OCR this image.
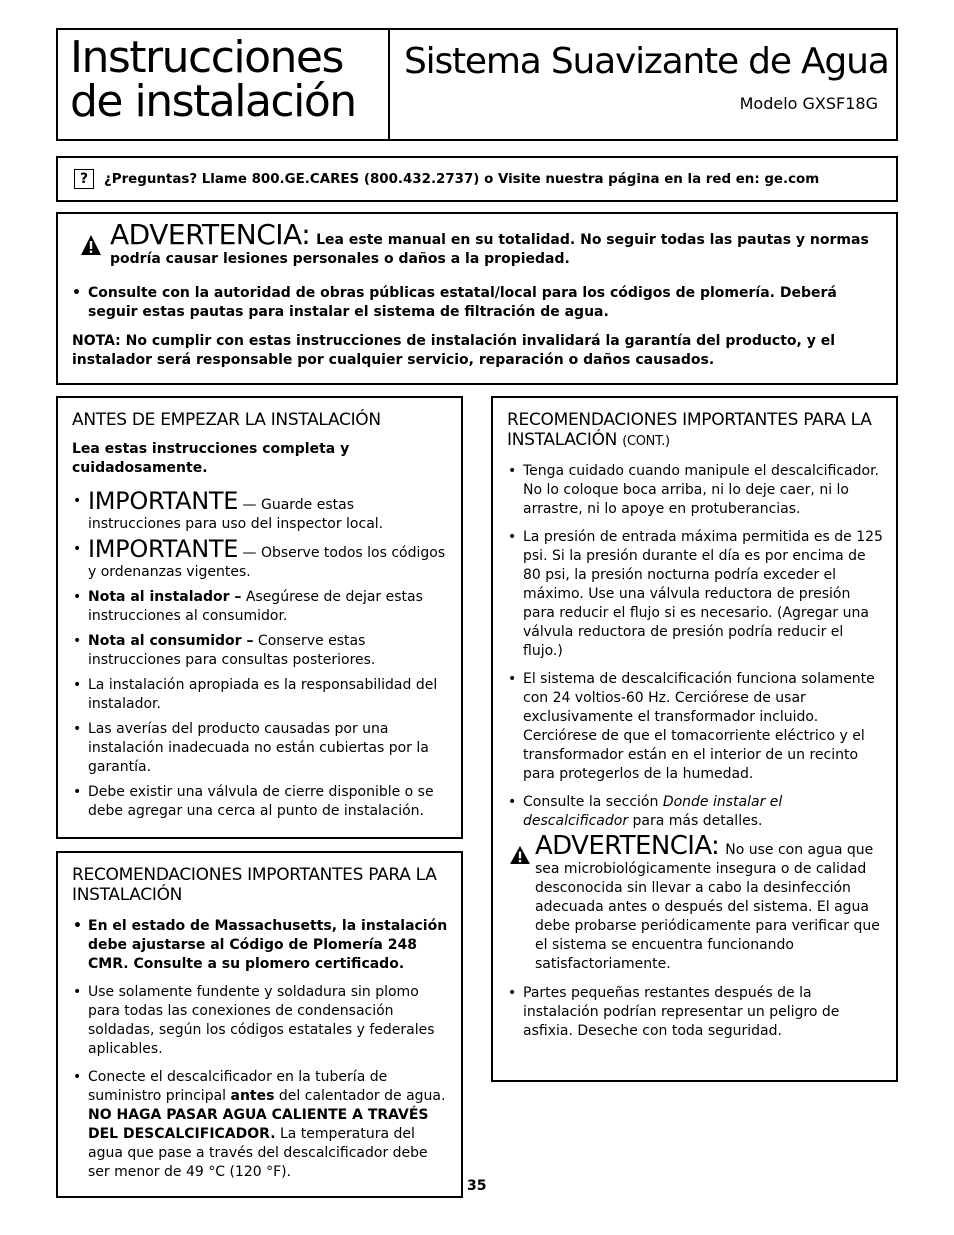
Instrucciones
de instalación
Sistema Suavizante de Agua
Modelo GXSF18G
?	¿Preguntas? Llame 800.GE.CARES (800.432.2737) o Visite nuestra página en la red en: ge.com
ADVERTENCIA: Lea este manual en su totalidad. No seguir todas las pautas y normas podría causar lesiones personales o daños a la propiedad.
• Consulte con la autoridad de obras públicas estatal/local para los códigos de plomería. Deberá seguir estas pautas para instalar el sistema de filtración de agua.
NOTA: No cumplir con estas instrucciones de instalación invalidará la garantía del producto, y el instalador será responsable por cualquier servicio, reparación o daños causados.
ANTES DE EMPEZAR LA INSTALACIÓN
Lea estas instrucciones completa y cuidadosamente.
• IMPORTANTE — Guarde estas instrucciones para uso del inspector local.
• IMPORTANTE — Observe todos los códigos y ordenanzas vigentes.
• Nota al instalador – Asegúrese de dejar estas instrucciones al consumidor.
• Nota al consumidor – Conserve estas instrucciones para consultas posteriores.
• La instalación apropiada es la responsabilidad del instalador.
• Las averías del producto causadas por una instalación inadecuada no están cubiertas por la garantía.
• Debe existir una válvula de cierre disponible o se debe agregar una cerca al punto de instalación.
RECOMENDACIONES IMPORTANTES PARA LA INSTALACIÓN
• En el estado de Massachusetts, la instalación debe ajustarse al Código de Plomería 248 CMR. Consulte a su plomero certificado.
• Use solamente fundente y soldadura sin plomo para todas las conexiones de condensación soldadas, según los códigos estatales y federales aplicables.
• Conecte el descalcificador en la tubería de suministro principal antes del calentador de agua. NO HAGA PASAR AGUA CALIENTE A TRAVÉS DEL DESCALCIFICADOR. La temperatura del agua que pase a través del descalcificador debe ser menor de 49 °C (120 °F).
RECOMENDACIONES IMPORTANTES PARA LA INSTALACIÓN (CONT.)
• Tenga cuidado cuando manipule el descalcificador. No lo coloque boca arriba, ni lo deje caer, ni lo arrastre, ni lo apoye en protuberancias.
• La presión de entrada máxima permitida es de 125 psi. Si la presión durante el día es por encima de 80 psi, la presión nocturna podría exceder el máximo. Use una válvula reductora de presión para reducir el flujo si es necesario. (Agregar una válvula reductora de presión podría reducir el flujo.)
• El sistema de descalcificación funciona solamente con 24 voltios-60 Hz. Cerciórese de usar exclusivamente el transformador incluido. Cerciórese de que el tomacorriente eléctrico y el transformador están en el interior de un recinto para protegerlos de la humedad.
• Consulte la sección Donde instalar el descalcificador para más detalles.
ADVERTENCIA: No use con agua que sea microbiológicamente insegura o de calidad desconocida sin llevar a cabo la desinfección adecuada antes o después del sistema. El agua debe probarse periódicamente para verificar que el sistema se encuentra funcionando satisfactoriamente.
• Partes pequeñas restantes después de la instalación podrían representar un peligro de asfixia. Deseche con toda seguridad.
35
